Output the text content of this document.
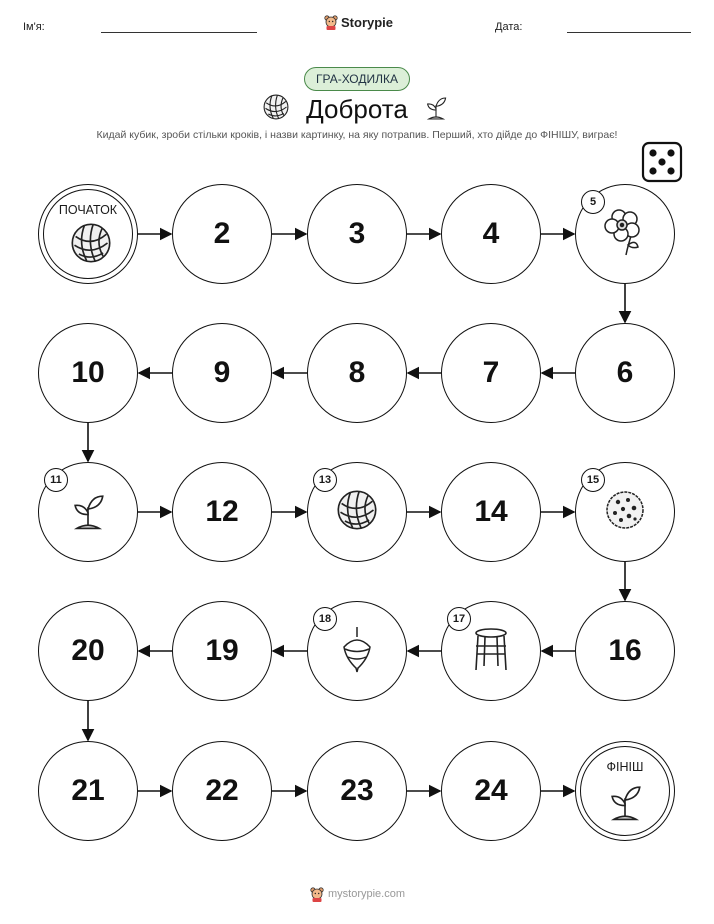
Ім'я:	Storypie	Дата:
ГРА-ХОДИЛКА
Доброта
Кидай кубик, зроби стільки кроків, і назви картинку, на яку потрапив. Перший, хто дійде до ФІНІШУ, виграє!
ПОЧАТОК
2	3	4
5
6
7
8
9
10
11
12
13
14
15
16
17
18
19
20
21	22	23	24
ФІНІШ
mystorypie.com
